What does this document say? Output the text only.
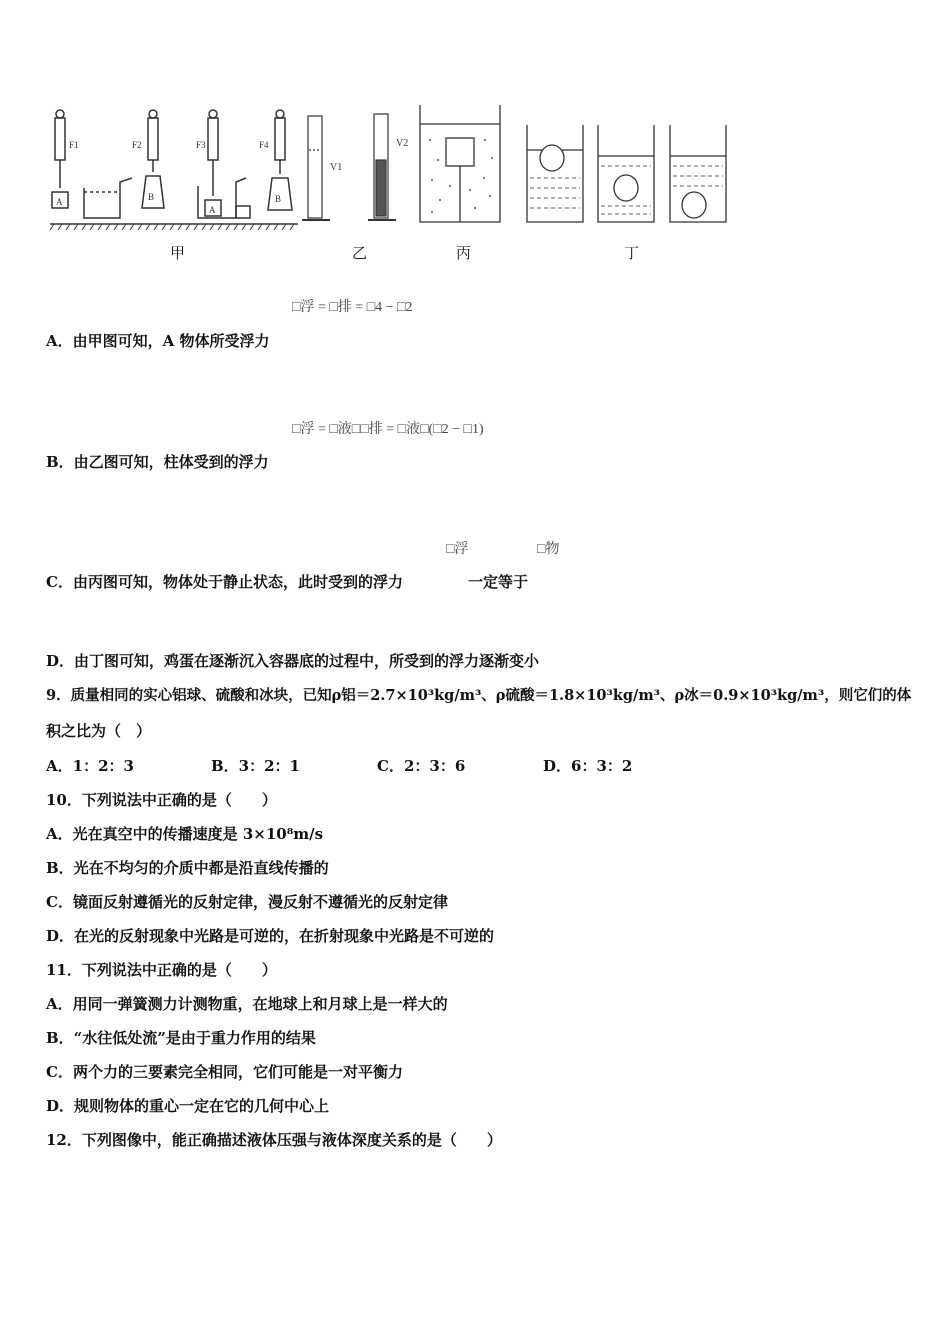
F1	F2	F3	F4
A	B
A
B
V1
V2
甲	乙	丙	丁
□浮 = □排 = □4 − □2
A．由甲图可知，A 物体所受浮力
□浮 = □液□□排 = □液□(□2 − □1)
B．由乙图可知，柱体受到的浮力
□浮	□物
C．由丙图可知，物体处于静止状态，此时受到的浮力	一定等于
D．由丁图可知，鸡蛋在逐渐沉入容器底的过程中，所受到的浮力逐渐变小
9．质量相同的实心铝球、硫酸和冰块，已知ρ铝＝2.7×10³kg/m³、ρ硫酸＝1.8×10³kg/m³、ρ冰＝0.9×10³kg/m³，则它们的体
积之比为（　）
A．1：2：3	B．3：2：1	C．2：3：6	D．6：3：2
10．下列说法中正确的是（　　）
A．光在真空中的传播速度是 3×10⁸m/s
B．光在不均匀的介质中都是沿直线传播的
C．镜面反射遵循光的反射定律，漫反射不遵循光的反射定律
D．在光的反射现象中光路是可逆的，在折射现象中光路是不可逆的
11．下列说法中正确的是（　　）
A．用同一弹簧测力计测物重，在地球上和月球上是一样大的
B．“水往低处流”是由于重力作用的结果
C．两个力的三要素完全相同，它们可能是一对平衡力
D．规则物体的重心一定在它的几何中心上
12．下列图像中，能正确描述液体压强与液体深度关系的是（　　）
